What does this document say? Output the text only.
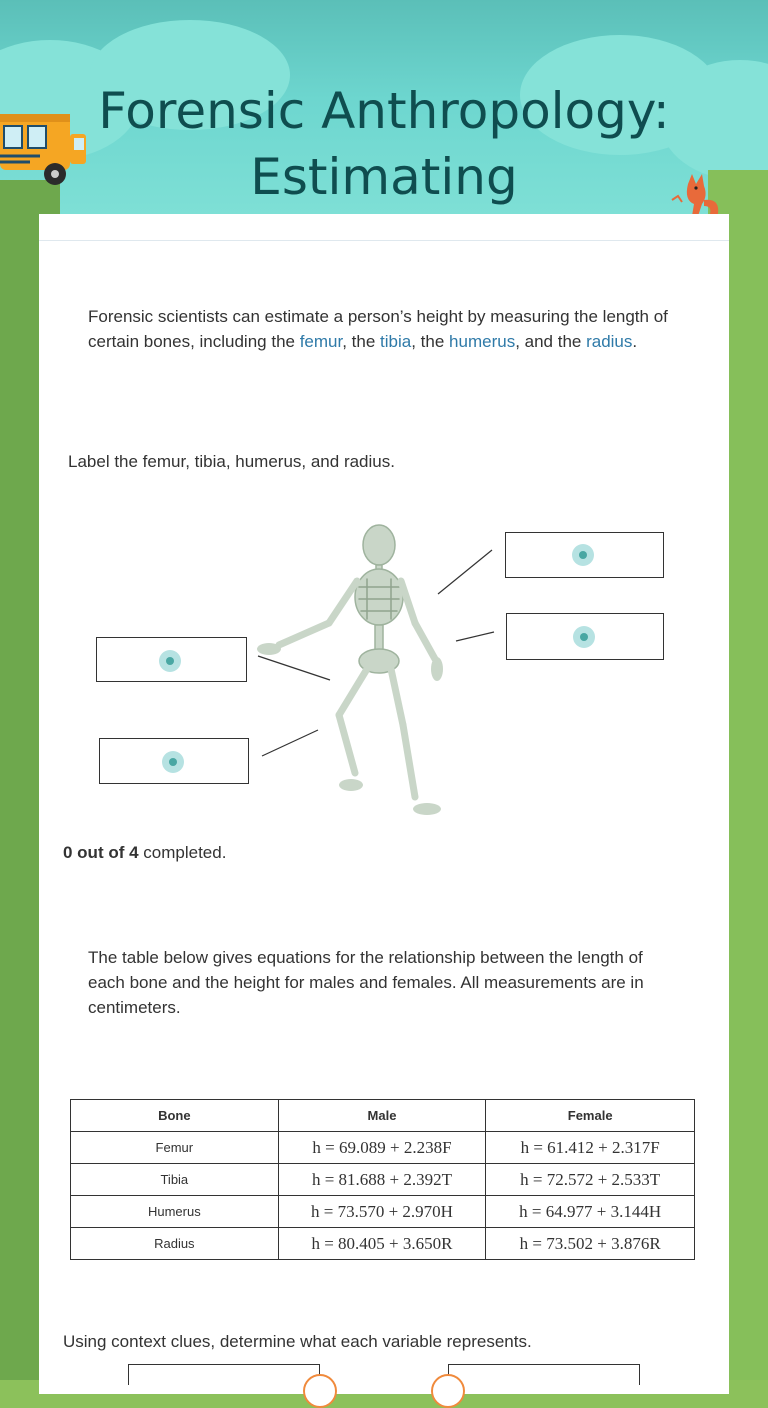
Forensic Anthropology: Estimating
Forensic scientists can estimate a person’s height by measuring the length of certain bones, including the femur, the tibia, the humerus, and the radius.
Label the femur, tibia, humerus, and radius.
0 out of 4 completed.
The table below gives equations for the relationship between the length of each bone and the height for males and females. All measurements are in centimeters.
Bone	Male	Female
Femur	h = 69.089 + 2.238F	h = 61.412 + 2.317F
Tibia	h = 81.688 + 2.392T	h = 72.572 + 2.533T
Humerus	h = 73.570 + 2.970H	h = 64.977 + 3.144H
Radius	h = 80.405 + 3.650R	h = 73.502 + 3.876R
Using context clues, determine what each variable represents.
